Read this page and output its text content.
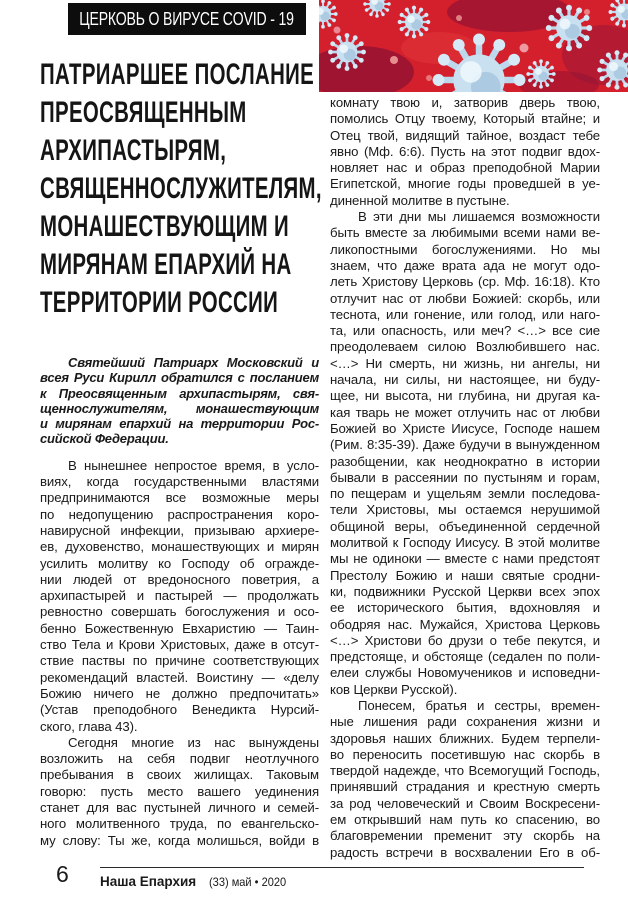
ЦЕРКОВЬ О ВИРУСЕ COVID - 19
ПАТРИАРШЕЕ ПОСЛАНИЕ
ПРЕОСВЯЩЕННЫМ
АРХИПАСТЫРЯМ,
СВЯЩЕННОСЛУЖИТЕЛЯМ,
МОНАШЕСТВУЮЩИМ И
МИРЯНАМ ЕПАРХИЙ НА
ТЕРРИТОРИИ РОССИИ
Святейший Патриарх Московский и
всея Руси Кирилл обратился с посланием
к Преосвященным архипастырям, свя-
щеннослужителям, монашествующим
и мирянам епархий на территории Рос-
сийской Федерации.
В нынешнее непростое время, в усло-
виях, когда государственными властями
предпринимаются все возможные меры
по недопущению распространения коро-
навирусной инфекции, призываю архиере-
ев, духовенство, монашествующих и мирян
усилить молитву ко Господу об огражде-
нии людей от вредоносного поветрия, а
архипастырей и пастырей — продолжать
ревностно совершать богослужения и осо-
бенно Божественную Евхаристию — Таин-
ство Тела и Крови Христовых, даже в отсут-
ствие паствы по причине соответствующих
рекомендаций властей. Воистину — «делу
Божию ничего не должно предпочитать»
(Устав преподобного Венедикта Нурсий-
ского, глава 43).
Сегодня многие из нас вынуждены
возложить на себя подвиг неотлучного
пребывания в своих жилищах. Таковым
говорю: пусть место вашего уединения
станет для вас пустыней личного и семей-
ного молитвенного труда, по евангельско-
му слову: Ты же, когда молишься, войди в
комнату твою и, затворив дверь твою,
помолись Отцу твоему, Который втайне; и
Отец твой, видящий тайное, воздаст тебе
явно (Мф. 6:6). Пусть на этот подвиг вдох-
новляет нас и образ преподобной Марии
Египетской, многие годы проведшей в уе-
диненной молитве в пустыне.
В эти дни мы лишаемся возможности
быть вместе за любимыми всеми нами ве-
ликопостными богослужениями. Но мы
знаем, что даже врата ада не могут одо-
леть Христову Церковь (ср. Мф. 16:18). Кто
отлучит нас от любви Божией: скорбь, или
теснота, или гонение, или голод, или наго-
та, или опасность, или меч? <…> все сие
преодолеваем силою Возлюбившего нас.
<…> Ни смерть, ни жизнь, ни ангелы, ни
начала, ни силы, ни настоящее, ни буду-
щее, ни высота, ни глубина, ни другая ка-
кая тварь не может отлучить нас от любви
Божией во Христе Иисусе, Господе нашем
(Рим. 8:35-39). Даже будучи в вынужденном
разобщении, как неоднократно в истории
бывали в рассеянии по пустыням и горам,
по пещерам и ущельям земли последова-
тели Христовы, мы остаемся нерушимой
общиной веры, объединенной сердечной
молитвой к Господу Иисусу. В этой молитве
мы не одиноки — вместе с нами предстоят
Престолу Божию и наши святые сродни-
ки, подвижники Русской Церкви всех эпох
ее исторического бытия, вдохновляя и
ободряя нас. Мужайся, Христова Церковь
<…> Христови бо друзи о тебе пекутся, и
предстояще, и обстояще (седален по поли-
елеи службы Новомучеников и исповедни-
ков Церкви Русской).
Понесем, братья и сестры, времен-
ные лишения ради сохранения жизни и
здоровья наших ближних. Будем терпели-
во переносить посетившую нас скорбь в
твердой надежде, что Всемогущий Господь,
принявший страдания и крестную смерть
за род человеческий и Своим Воскресени-
ем открывший нам путь ко спасению, во
благовремении пременит эту скорбь на
радость встречи в восхвалении Его в об-
6 Наша Епархия (33) май • 2020
